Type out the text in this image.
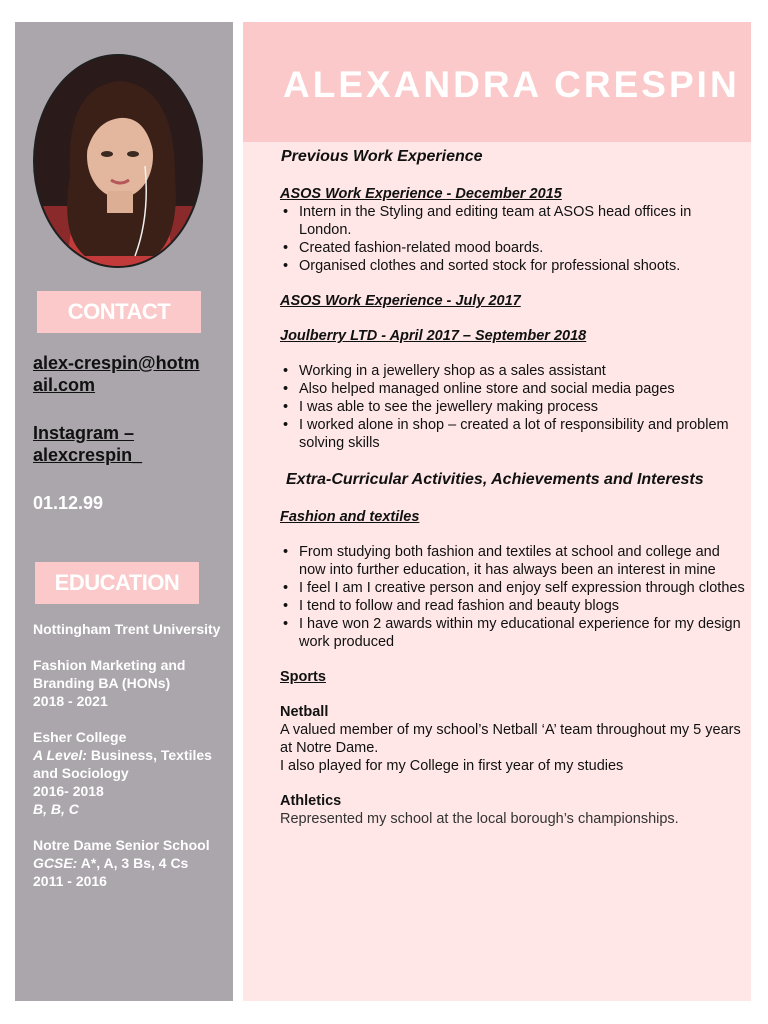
CONTACT
alex-crespin@hotmail.com
Instagram – alexcrespin_
01.12.99
EDUCATION

Nottingham Trent University

Fashion Marketing and Branding BA (HONs)
2018 - 2021

Esher College
A Level: Business, Textiles and Sociology
2016- 2018
B, B, C

Notre Dame Senior School
GCSE: A*, A, 3 Bs, 4 Cs
2011 - 2016

ALEXANDRA CRESPIN
Previous Work Experience
ASOS Work Experience - December 2015
• Intern in the Styling and editing team at ASOS head offices in London.
• Created fashion-related mood boards.
• Organised clothes and sorted stock for professional shoots.
ASOS Work Experience - July 2017
Joulberry LTD - April 2017 – September 2018
• Working in a jewellery shop as a sales assistant
• Also helped managed online store and social media pages
• I was able to see the jewellery making process
• I worked alone in shop – created a lot of responsibility and problem solving skills
Extra-Curricular Activities, Achievements and Interests
Fashion and textiles
• From studying both fashion and textiles at school and college and now into further education, it has always been an interest in mine
• I feel I am I creative person and enjoy self expression through clothes
• I tend to follow and read fashion and beauty blogs
• I have won 2 awards within my educational experience for my design work produced
Sports
Netball
A valued member of my school’s Netball ‘A’ team throughout my 5 years at Notre Dame.
I also played for my College in first year of my studies
Athletics
Represented my school at the local borough’s championships.
